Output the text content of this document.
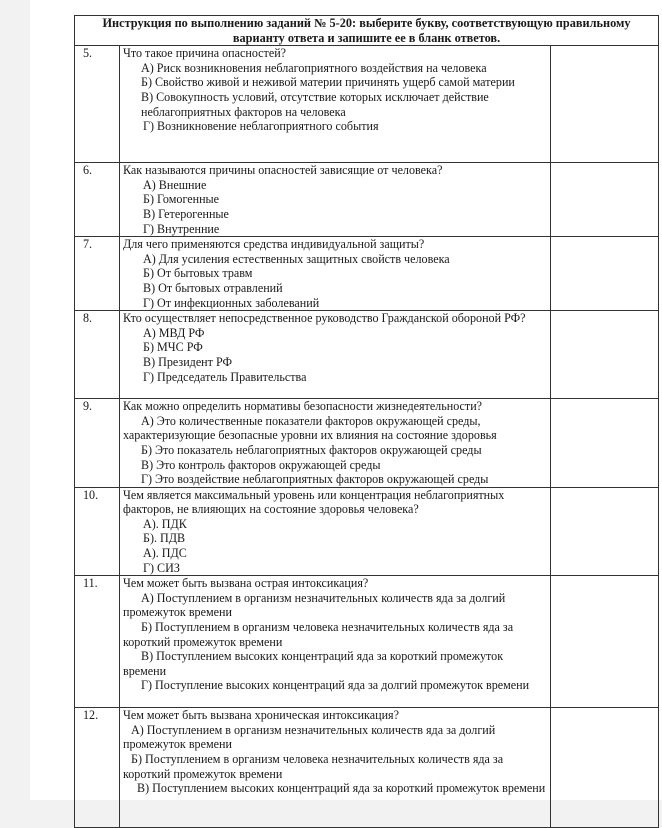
Инструкция по выполнению заданий № 5-20: выберите букву, соответствующую правильному варианту ответа и запишите ее в бланк ответов.		
5.	Что такое причина опасностей?
А) Риск возникновения неблагоприятного воздействия на человека
Б) Свойство живой и неживой материи причинять ущерб самой материи
В) Совокупность условий, отсутствие которых исключает действие неблагоприятных факторов на человека
Г) Возникновение неблагоприятного события	

6.	Как называются причины опасностей зависящие от человека?
А) Внешние
Б) Гомогенные
В) Гетерогенные
Г) Внутренние	

7.	Для чего применяются средства индивидуальной защиты?
А) Для усиления естественных защитных свойств человека
Б) От бытовых травм
В) От бытовых отравлений
Г) От инфекционных заболеваний	

8.	Кто осуществляет непосредственное руководство Гражданской обороной РФ?
А) МВД РФ
Б) МЧС РФ
В) Президент РФ
Г) Председатель Правительства	

9.	Как можно определить нормативы безопасности жизнедеятельности?
А) Это количественные показатели факторов окружающей среды, характеризующие безопасные уровни их влияния на состояние здоровья
Б) Это показатель неблагоприятных факторов окружающей среды
В) Это контроль факторов окружающей среды
Г) Это воздействие неблагоприятных факторов окружающей среды	

10.	Чем является максимальный уровень или концентрация неблагоприятных факторов, не влияющих на состояние здоровья человека?
А). ПДК
Б). ПДВ
А). ПДС
Г) СИЗ	

11.	Чем может быть вызвана острая интоксикация?
А) Поступлением в организм незначительных количеств яда за долгий промежуток времени
Б) Поступлением в организм человека незначительных количеств яда за короткий промежуток времени
В) Поступлением высоких концентраций яда за короткий промежуток времени
Г) Поступление высоких концентраций яда за долгий промежуток времени	

12.	Чем может быть вызвана хроническая интоксикация?
А) Поступлением в организм незначительных количеств яда за долгий промежуток времени
Б) Поступлением в организм человека незначительных количеств яда за короткий промежуток времени
В) Поступлением высоких концентраций яда за короткий промежуток времени	
